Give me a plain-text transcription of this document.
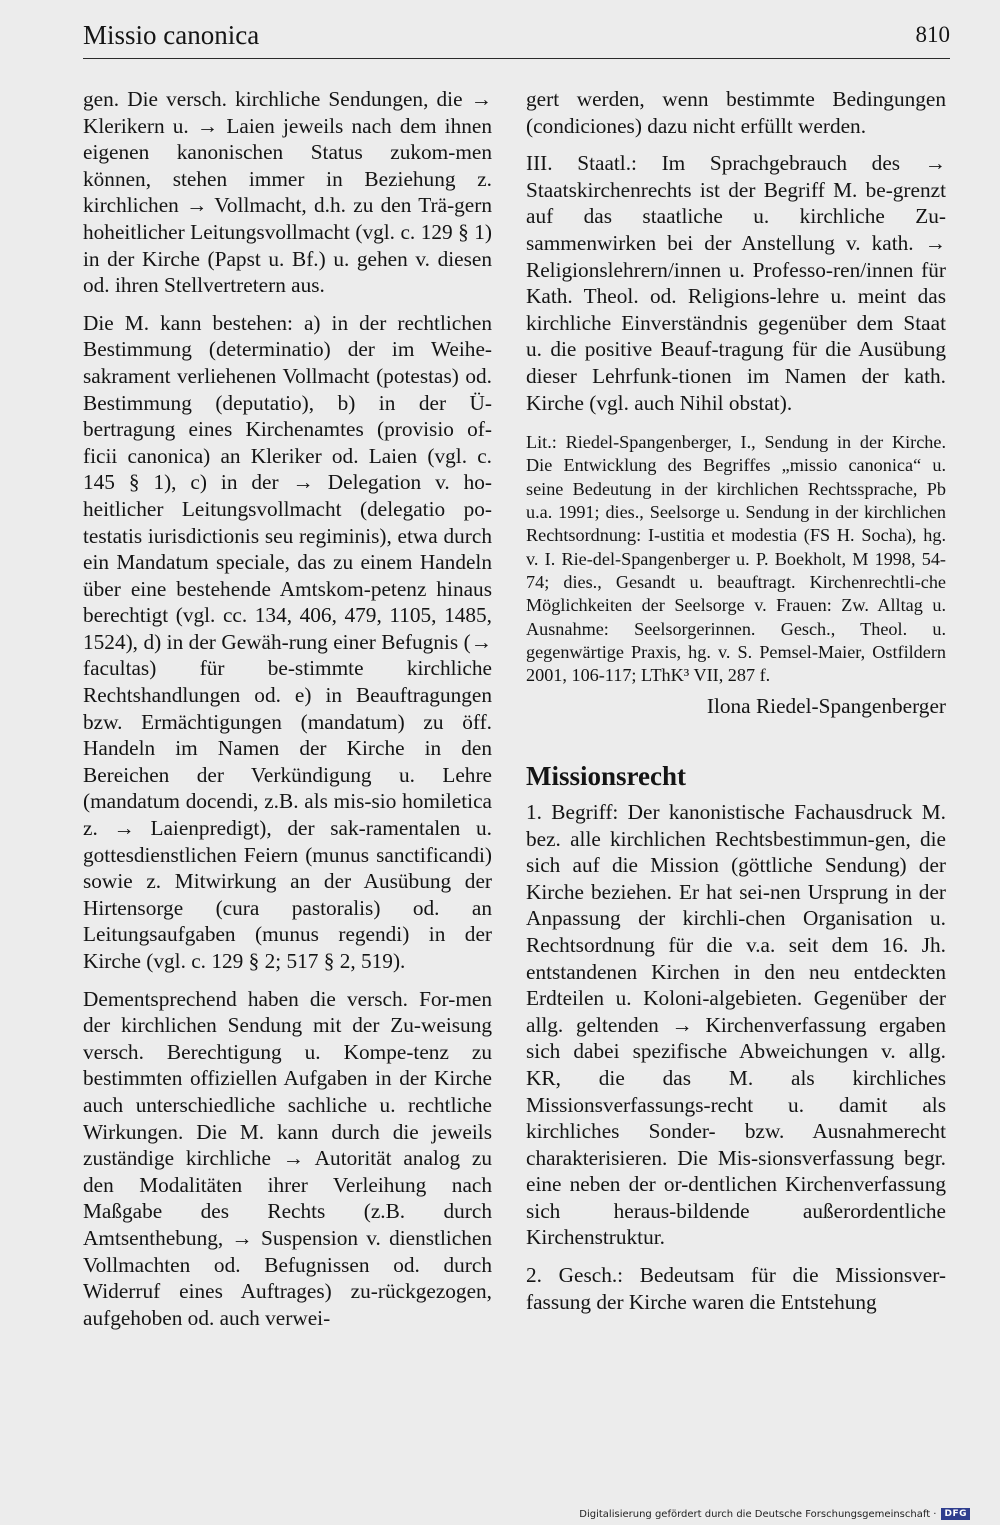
Missio canonica	810

gen. Die versch. kirchliche Sendungen, die → Klerikern u. → Laien jeweils nach dem ihnen eigenen kanonischen Status zukom-men können, stehen immer in Beziehung z. kirchlichen → Vollmacht, d.h. zu den Trä-gern hoheitlicher Leitungsvollmacht (vgl. c. 129 § 1) in der Kirche (Papst u. Bf.) u. gehen v. diesen od. ihren Stellvertretern aus.

Die M. kann bestehen: a) in der rechtlichen Bestimmung (determinatio) der im Weihe-sakrament verliehenen Vollmacht (potestas) od. Bestimmung (deputatio), b) in der Ü-bertragung eines Kirchenamtes (provisio of-ficii canonica) an Kleriker od. Laien (vgl. c. 145 § 1), c) in der → Delegation v. ho-heitlicher Leitungsvollmacht (delegatio po-testatis iurisdictionis seu regiminis), etwa durch ein Mandatum speciale, das zu einem Handeln über eine bestehende Amtskom-petenz hinaus berechtigt (vgl. cc. 134, 406, 479, 1105, 1485, 1524), d) in der Gewäh-rung einer Befugnis (→ facultas) für be-stimmte kirchliche Rechtshandlungen od. e) in Beauftragungen bzw. Ermächtigungen (mandatum) zu öff. Handeln im Namen der Kirche in den Bereichen der Verkündigung u. Lehre (mandatum docendi, z.B. als mis-sio homiletica z. → Laienpredigt), der sak-ramentalen u. gottesdienstlichen Feiern (munus sanctificandi) sowie z. Mitwirkung an der Ausübung der Hirtensorge (cura pastoralis) od. an Leitungsaufgaben (munus regendi) in der Kirche (vgl. c. 129 § 2; 517 § 2, 519).

Dementsprechend haben die versch. For-men der kirchlichen Sendung mit der Zu-weisung versch. Berechtigung u. Kompe-tenz zu bestimmten offiziellen Aufgaben in der Kirche auch unterschiedliche sachliche u. rechtliche Wirkungen. Die M. kann durch die jeweils zuständige kirchliche → Autorität analog zu den Modalitäten ihrer Verleihung nach Maßgabe des Rechts (z.B. durch Amtsenthebung, → Suspension v. dienstlichen Vollmachten od. Befugnissen od. durch Widerruf eines Auftrages) zu-rückgezogen, aufgehoben od. auch verwei-

gert werden, wenn bestimmte Bedingungen (condiciones) dazu nicht erfüllt werden.

III. Staatl.: Im Sprachgebrauch des → Staatskirchenrechts ist der Begriff M. be-grenzt auf das staatliche u. kirchliche Zu-sammenwirken bei der Anstellung v. kath. → Religionslehrern/innen u. Professo-ren/innen für Kath. Theol. od. Religions-lehre u. meint das kirchliche Einverständnis gegenüber dem Staat u. die positive Beauf-tragung für die Ausübung dieser Lehrfunk-tionen im Namen der kath. Kirche (vgl. auch Nihil obstat).

Lit.: Riedel-Spangenberger, I., Sendung in der Kirche. Die Entwicklung des Begriffes „missio canonica“ u. seine Bedeutung in der kirchlichen Rechtssprache, Pb u.a. 1991; dies., Seelsorge u. Sendung in der kirchlichen Rechtsordnung: I-ustitia et modestia (FS H. Socha), hg. v. I. Rie-del-Spangenberger u. P. Boekholt, M 1998, 54-74; dies., Gesandt u. beauftragt. Kirchenrechtli-che Möglichkeiten der Seelsorge v. Frauen: Zw. Alltag u. Ausnahme: Seelsorgerinnen. Gesch., Theol. u. gegenwärtige Praxis, hg. v. S. Pemsel-Maier, Ostfildern 2001, 106-117; LThK³ VII, 287 f.

Ilona Riedel-Spangenberger

Missionsrecht

1. Begriff: Der kanonistische Fachausdruck M. bez. alle kirchlichen Rechtsbestimmun-gen, die sich auf die Mission (göttliche Sendung) der Kirche beziehen. Er hat sei-nen Ursprung in der Anpassung der kirchli-chen Organisation u. Rechtsordnung für die v.a. seit dem 16. Jh. entstandenen Kirchen in den neu entdeckten Erdteilen u. Koloni-algebieten. Gegenüber der allg. geltenden → Kirchenverfassung ergaben sich dabei spezifische Abweichungen v. allg. KR, die das M. als kirchliches Missionsverfassungs-recht u. damit als kirchliches Sonder- bzw. Ausnahmerecht charakterisieren. Die Mis-sionsverfassung begr. eine neben der or-dentlichen Kirchenverfassung sich heraus-bildende außerordentliche Kirchenstruktur.

2. Gesch.: Bedeutsam für die Missionsver-fassung der Kirche waren die Entstehung

Digitalisierung gefördert durch die Deutsche Forschungsgemeinschaft · DFG
